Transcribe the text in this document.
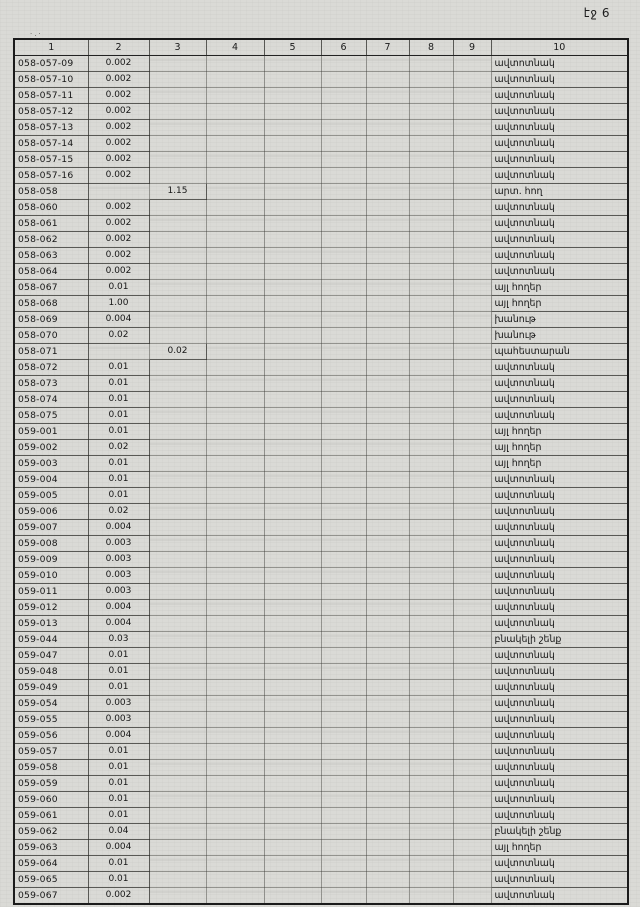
էջ 6
·.·
1	2	3	4	5	6	7	8	9	10
058-057-09	0.002								ավտոտնակ
058-057-10	0.002								ավտոտնակ
058-057-11	0.002								ավտոտնակ
058-057-12	0.002								ավտոտնակ
058-057-13	0.002								ավտոտնակ
058-057-14	0.002								ավտոտնակ
058-057-15	0.002								ավտոտնակ
058-057-16	0.002								ավտոտնակ
058-058		1.15							արտ. հող
058-060	0.002								ավտոտնակ
058-061	0.002								ավտոտնակ
058-062	0.002								ավտոտնակ
058-063	0.002								ավտոտնակ
058-064	0.002								ավտոտնակ
058-067	0.01								այլ հողեր
058-068	1.00								այլ հողեր
058-069	0.004								խանութ
058-070	0.02								խանութ
058-071		0.02							պահեստարան
058-072	0.01								ավտոտնակ
058-073	0.01								ավտոտնակ
058-074	0.01								ավտոտնակ
058-075	0.01								ավտոտնակ
059-001	0.01								այլ հողեր
059-002	0.02								այլ հողեր
059-003	0.01								այլ հողեր
059-004	0.01								ավտոտնակ
059-005	0.01								ավտոտնակ
059-006	0.02								ավտոտնակ
059-007	0.004								ավտոտնակ
059-008	0.003								ավտոտնակ
059-009	0.003								ավտոտնակ
059-010	0.003								ավտոտնակ
059-011	0.003								ավտոտնակ
059-012	0.004								ավտոտնակ
059-013	0.004								ավտոտնակ
059-044	0.03								բնակելի շենք
059-047	0.01								ավտոտնակ
059-048	0.01								ավտոտնակ
059-049	0.01								ավտոտնակ
059-054	0.003								ավտոտնակ
059-055	0.003								ավտոտնակ
059-056	0.004								ավտոտնակ
059-057	0.01								ավտոտնակ
059-058	0.01								ավտոտնակ
059-059	0.01								ավտոտնակ
059-060	0.01								ավտոտնակ
059-061	0.01								ավտոտնակ
059-062	0.04								բնակելի շենք
059-063	0.004								այլ հողեր
059-064	0.01								ավտոտնակ
059-065	0.01								ավտոտնակ
059-067	0.002								ավտոտնակ
